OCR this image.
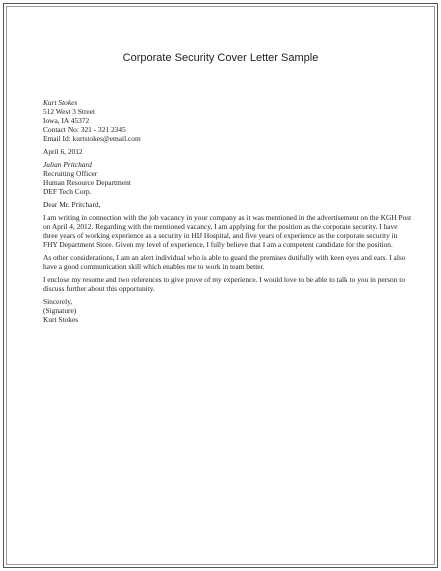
Corporate Security Cover Letter Sample
Kurt Stokes
512 West 3 Street
Iowa, IA 45372
Contact No: 321 - 321 2345
Email Id: kurtstokes@email.com
April 6, 2012
Julian Pritchard
Recruiting Officer
Human Resource Department
DEF Tech Corp.
Dear Mr. Pritchard,

I am writing in connection with the job vacancy in your company as it was mentioned in the advertisement on the KGH Post on April 4, 2012. Regarding with the mentioned vacancy, I am applying for the position as the corporate security. I have three years of working experience as a security in HIJ Hospital, and five years of experience as the corporate security in FHY Department Store. Given my level of experience, I fully believe that I am a competent candidate for the position.

As other considerations, I am an alert individual who is able to guard the premises dutifully with keen eyes and ears. I also have a good communication skill which enables me to work in team better.

I enclose my resume and two references to give prove of my experience. I would love to be able to talk to you in person to discuss further about this opportunity.

Sincerely,
(Signature)
Kurt Stokes
